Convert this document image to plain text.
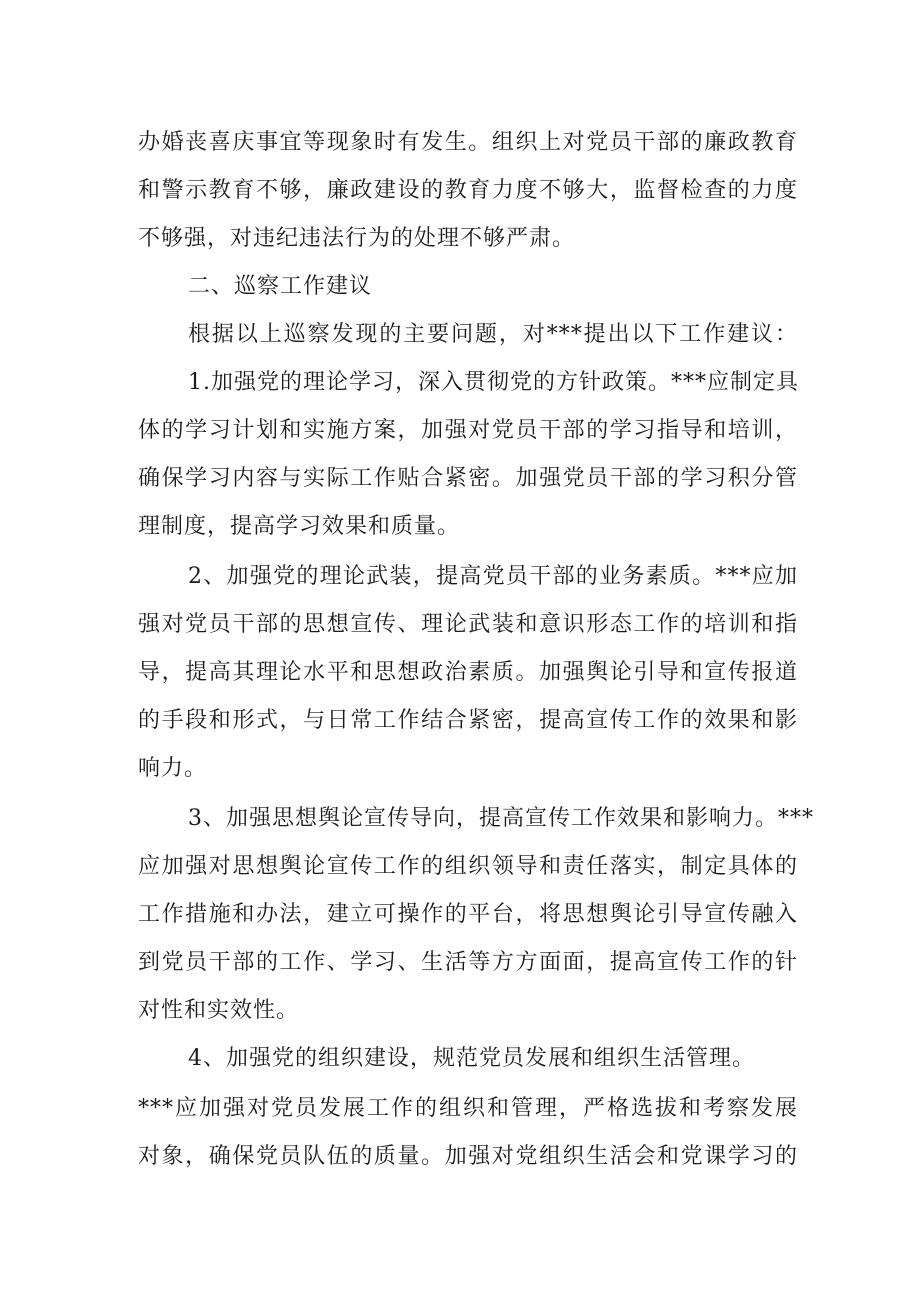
办婚丧喜庆事宜等现象时有发生。组织上对党员干部的廉政教育
和警示教育不够，廉政建设的教育力度不够大，监督检查的力度
不够强，对违纪违法行为的处理不够严肃。
二、巡察工作建议
根据以上巡察发现的主要问题，对***提出以下工作建议：
1.加强党的理论学习，深入贯彻党的方针政策。***应制定具
体的学习计划和实施方案，加强对党员干部的学习指导和培训，
确保学习内容与实际工作贴合紧密。加强党员干部的学习积分管
理制度，提高学习效果和质量。
2、加强党的理论武装，提高党员干部的业务素质。***应加
强对党员干部的思想宣传、理论武装和意识形态工作的培训和指
导，提高其理论水平和思想政治素质。加强舆论引导和宣传报道
的手段和形式，与日常工作结合紧密，提高宣传工作的效果和影
响力。
3、加强思想舆论宣传导向，提高宣传工作效果和影响力。***
应加强对思想舆论宣传工作的组织领导和责任落实，制定具体的
工作措施和办法，建立可操作的平台，将思想舆论引导宣传融入
到党员干部的工作、学习、生活等方方面面，提高宣传工作的针
对性和实效性。
4、加强党的组织建设，规范党员发展和组织生活管理。
***应加强对党员发展工作的组织和管理，严格选拔和考察发展
对象，确保党员队伍的质量。加强对党组织生活会和党课学习的
